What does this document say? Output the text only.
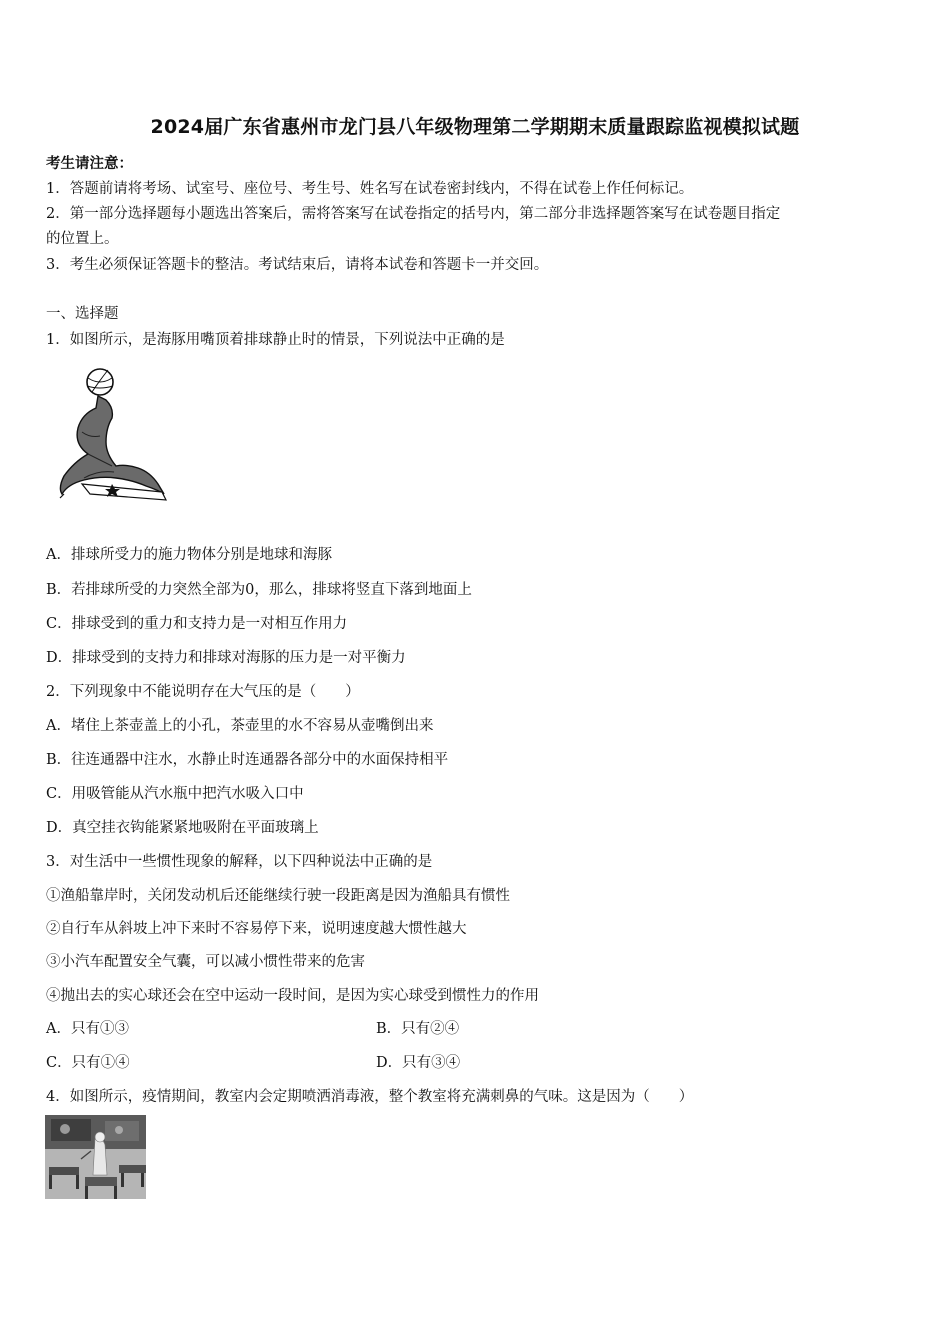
2024届广东省惠州市龙门县八年级物理第二学期期末质量跟踪监视模拟试题
考生请注意：
1．答题前请将考场、试室号、座位号、考生号、姓名写在试卷密封线内，不得在试卷上作任何标记。
2．第一部分选择题每小题选出答案后，需将答案写在试卷指定的括号内，第二部分非选择题答案写在试卷题目指定
的位置上。
3．考生必须保证答题卡的整洁。考试结束后，请将本试卷和答题卡一并交回。
一、选择题
1．如图所示，是海豚用嘴顶着排球静止时的情景，下列说法中正确的是
A．排球所受力的施力物体分别是地球和海豚
B．若排球所受的力突然全部为0，那么，排球将竖直下落到地面上
C．排球受到的重力和支持力是一对相互作用力
D．排球受到的支持力和排球对海豚的压力是一对平衡力
2．下列现象中不能说明存在大气压的是（　　）
A．堵住上茶壶盖上的小孔，茶壶里的水不容易从壶嘴倒出来
B．往连通器中注水，水静止时连通器各部分中的水面保持相平
C．用吸管能从汽水瓶中把汽水吸入口中
D．真空挂衣钩能紧紧地吸附在平面玻璃上
3．对生活中一些惯性现象的解释，以下四种说法中正确的是
①渔船靠岸时，关闭发动机后还能继续行驶一段距离是因为渔船具有惯性
②自行车从斜坡上冲下来时不容易停下来，说明速度越大惯性越大
③小汽车配置安全气囊，可以减小惯性带来的危害
④抛出去的实心球还会在空中运动一段时间，是因为实心球受到惯性力的作用
A．只有①③	B．只有②④
C．只有①④	D．只有③④
4．如图所示，疫情期间，教室内会定期喷洒消毒液，整个教室将充满刺鼻的气味。这是因为（　　）
